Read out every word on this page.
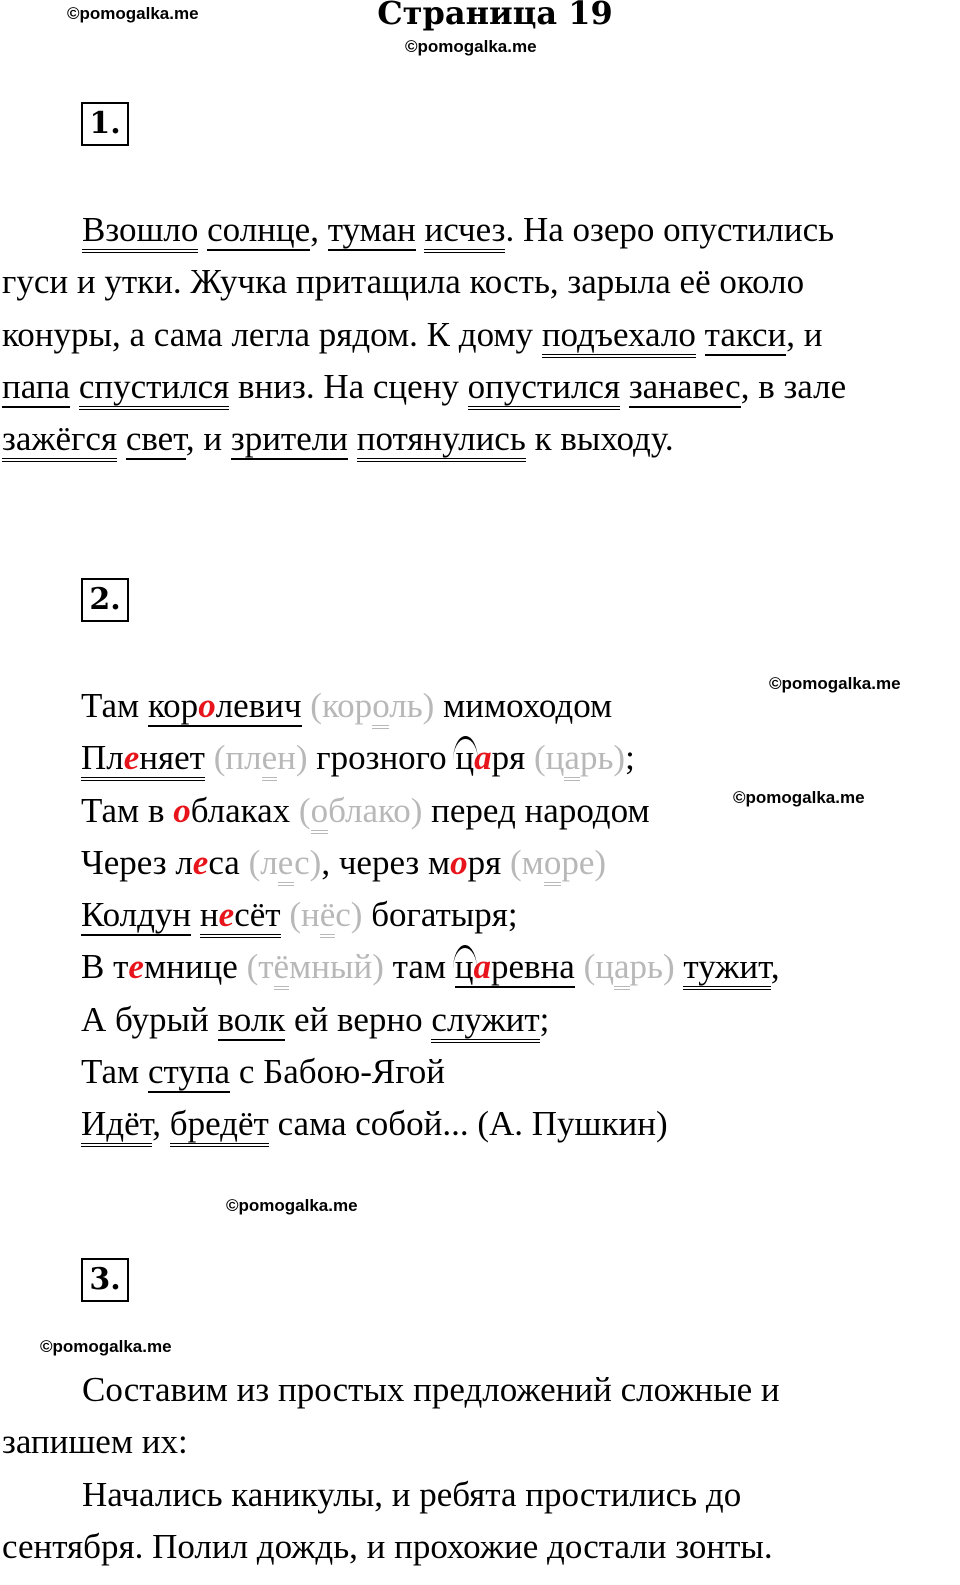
©pomogalka.me	Страница 19
©pomogalka.me
1.
Взошло солнце, туман исчез. На озеро опустились
гуси и утки. Жучка притащила кость, зарыла её около
конуры, а сама легла рядом. К дому подъехало такси, и
папа спустился вниз. На сцену опустился занавес, в зале
зажёгся свет, и зрители потянулись к выходу.
2.
©pomogalka.me
©pomogalka.me
Там королевич (король) мимоходом
Пленяет (плен) грозного царя (царь);
Там в облаках (облако) перед народом
Через леса (лес), через моря (море)
Колдун несёт (нёс) богатыря;
В темнице (тёмный) там царевна (царь) тужит,
А бурый волк ей верно служит;
Там ступа с Бабою-Ягой
Идёт, бредёт сама собой... (А. Пушкин)
©pomogalka.me
3.
©pomogalka.me
Составим из простых предложений сложные и
запишем их:
Начались каникулы, и ребята простились до
сентября. Полил дождь, и прохожие достали зонты.
